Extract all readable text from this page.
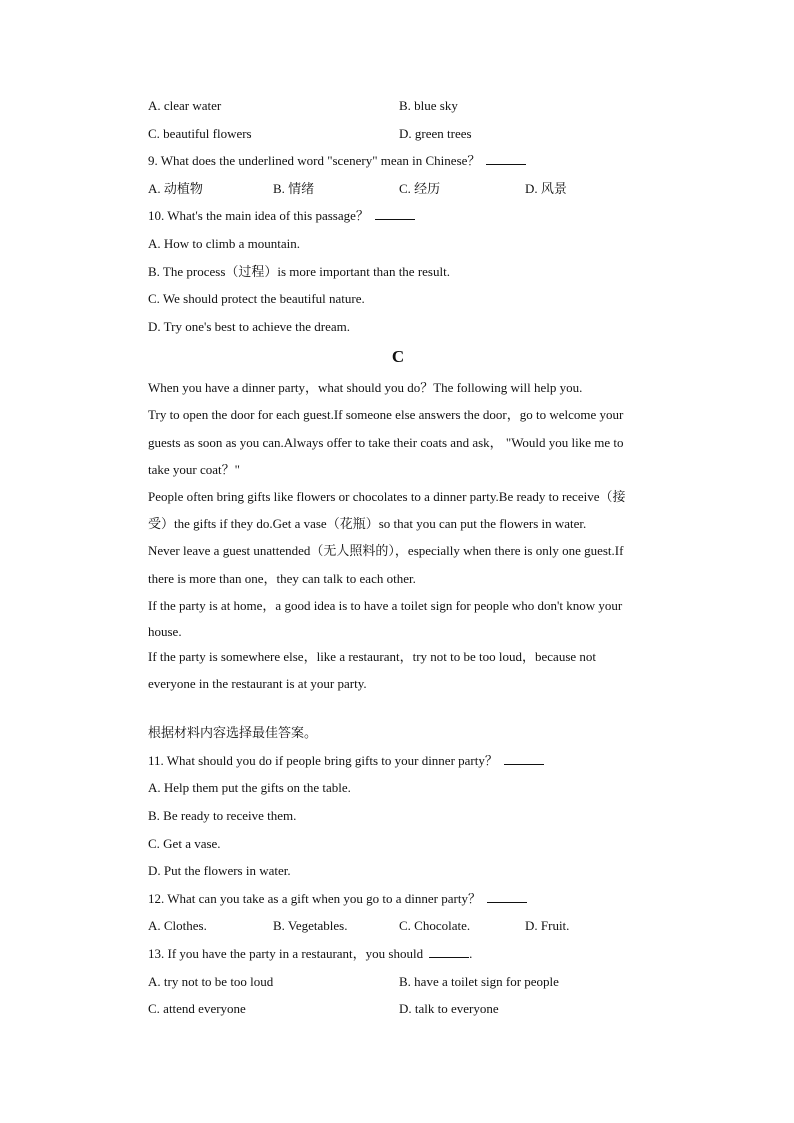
A. clear water	B. blue sky
C. beautiful flowers	D. green trees
9. What does the underlined word "scenery" mean in Chinese？
A. 动植物	B. 情绪	C. 经历	D. 风景
10. What's the main idea of this passage？
A. How to climb a mountain.
B. The process（过程）is more important than the result.
C. We should protect the beautiful nature.
D. Try one's best to achieve the dream.
C
When you have a dinner party，what should you do？The following will help you.
Try to open the door for each guest.If someone else answers the door，go to welcome your
guests as soon as you can.Always offer to take their coats and ask， "Would you like me to
take your coat？"
People often bring gifts like flowers or chocolates to a dinner party.Be ready to receive（接
受）the gifts if they do.Get a vase（花瓶）so that you can put the flowers in water.
Never leave a guest unattended（无人照料的），especially when there is only one guest.If
there is more than one，they can talk to each other.
If the party is at home，a good idea is to have a toilet sign for people who don't know your
house.
If the party is somewhere else，like a restaurant，try not to be too loud，because not
everyone in the restaurant is at your party.
根据材料内容选择最佳答案。
11. What should you do if people bring gifts to your dinner party？
A. Help them put the gifts on the table.
B. Be ready to receive them.
C. Get a vase.
D. Put the flowers in water.
12. What can you take as a gift when you go to a dinner party？
A. Clothes.	B. Vegetables.	C. Chocolate.	D. Fruit.
13. If you have the party in a restaurant，you should	.
A. try not to be too loud	B. have a toilet sign for people
C. attend everyone	D. talk to everyone
